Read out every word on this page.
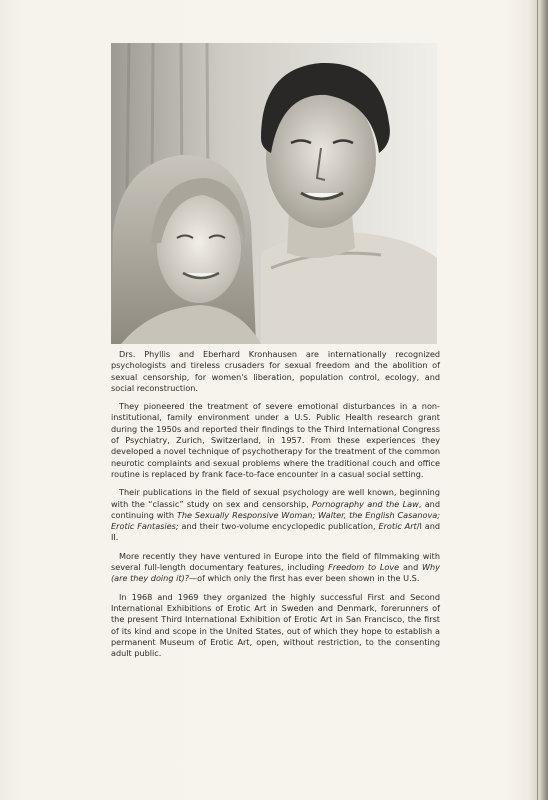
Drs. Phyllis and Eberhard Kronhausen are internationally recognized psychologists and tireless crusaders for sexual freedom and the abolition of sexual censorship, for women's liberation, population control, ecology, and social reconstruction.

They pioneered the treatment of severe emotional disturbances in a non-institutional, family environment under a U.S. Public Health research grant during the 1950s and reported their findings to the Third International Congress of Psychiatry, Zurich, Switzerland, in 1957. From these experiences they developed a novel technique of psychotherapy for the treatment of the common neurotic complaints and sexual problems where the traditional couch and office routine is replaced by frank face-to-face encounter in a casual social setting.

Their publications in the field of sexual psychology are well known, beginning with the “classic” study on sex and censorship, Pornography and the Law, and continuing with The Sexually Responsive Woman; Walter, the English Casanova; Erotic Fantasies; and their two-volume encyclopedic publication, Erotic Art/I and II.

More recently they have ventured in Europe into the field of filmmaking with several full-length documentary features, including Freedom to Love and Why (are they doing it)?—of which only the first has ever been shown in the U.S.

In 1968 and 1969 they organized the highly successful First and Second International Exhibitions of Erotic Art in Sweden and Denmark, forerunners of the present Third International Exhibition of Erotic Art in San Francisco, the first of its kind and scope in the United States, out of which they hope to establish a permanent Museum of Erotic Art, open, without restriction, to the consenting adult public.
